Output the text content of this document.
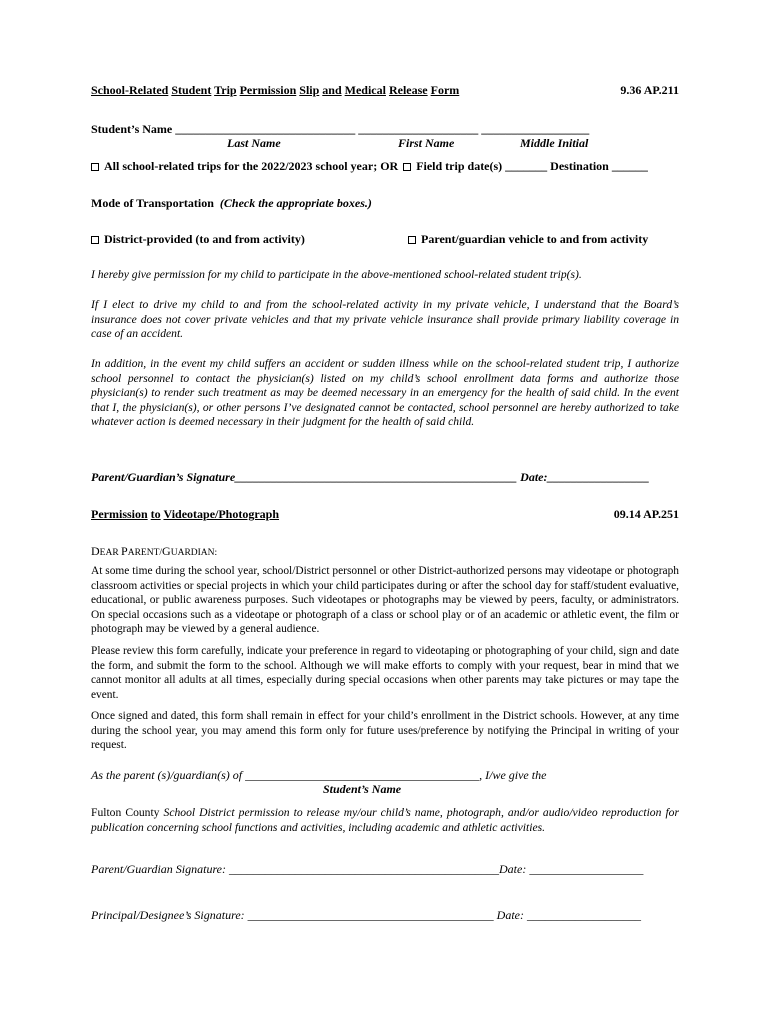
School-Related Student Trip Permission Slip and Medical Release Form	9.36 AP.211
Student’s Name ______________________________ ____________________ __________________
Last Name	First Name	Middle Initial
All school-related trips for the 2022/2023 school year; OR Field trip date(s) _______ Destination ______
Mode of Transportation (Check the appropriate boxes.)
District-provided (to and from activity)	Parent/guardian vehicle to and from activity
I hereby give permission for my child to participate in the above-mentioned school-related student trip(s).
If I elect to drive my child to and from the school-related activity in my private vehicle, I understand that the Board’s insurance does not cover private vehicles and that my private vehicle insurance shall provide primary liability coverage in case of an accident.
In addition, in the event my child suffers an accident or sudden illness while on the school-related student trip, I authorize school personnel to contact the physician(s) listed on my child’s school enrollment data forms and authorize those physician(s) to render such treatment as may be deemed necessary in an emergency for the health of said child. In the event that I, the physician(s), or other persons I’ve designated cannot be contacted, school personnel are hereby authorized to take whatever action is deemed necessary in their judgment for the health of said child.
Parent/Guardian’s Signature_______________________________________________ Date:_________________
Permission to Videotape/Photograph	09.14 AP.251
DEAR PARENT/GUARDIAN:
At some time during the school year, school/District personnel or other District-authorized persons may videotape or photograph classroom activities or special projects in which your child participates during or after the school day for staff/student evaluative, educational, or public awareness purposes. Such videotapes or photographs may be viewed by peers, faculty, or administrators. On special occasions such as a videotape or photograph of a class or school play or of an academic or athletic event, the film or photograph may be viewed by a general audience.
Please review this form carefully, indicate your preference in regard to videotaping or photographing of your child, sign and date the form, and submit the form to the school. Although we will make efforts to comply with your request, bear in mind that we cannot monitor all adults at all times, especially during special occasions when other parents may take pictures or may tape the event.
Once signed and dated, this form shall remain in effect for your child’s enrollment in the District schools. However, at any time during the school year, you may amend this form only for future uses/preference by notifying the Principal in writing of your request.
As the parent (s)/guardian(s) of _______________________________________, I/we give the
Student’s Name
Fulton County School District permission to release my/our child’s name, photograph, and/or audio/video reproduction for publication concerning school functions and activities, including academic and athletic activities.
Parent/Guardian Signature: _____________________________________________Date: ___________________
Principal/Designee’s Signature: _________________________________________ Date: ___________________
